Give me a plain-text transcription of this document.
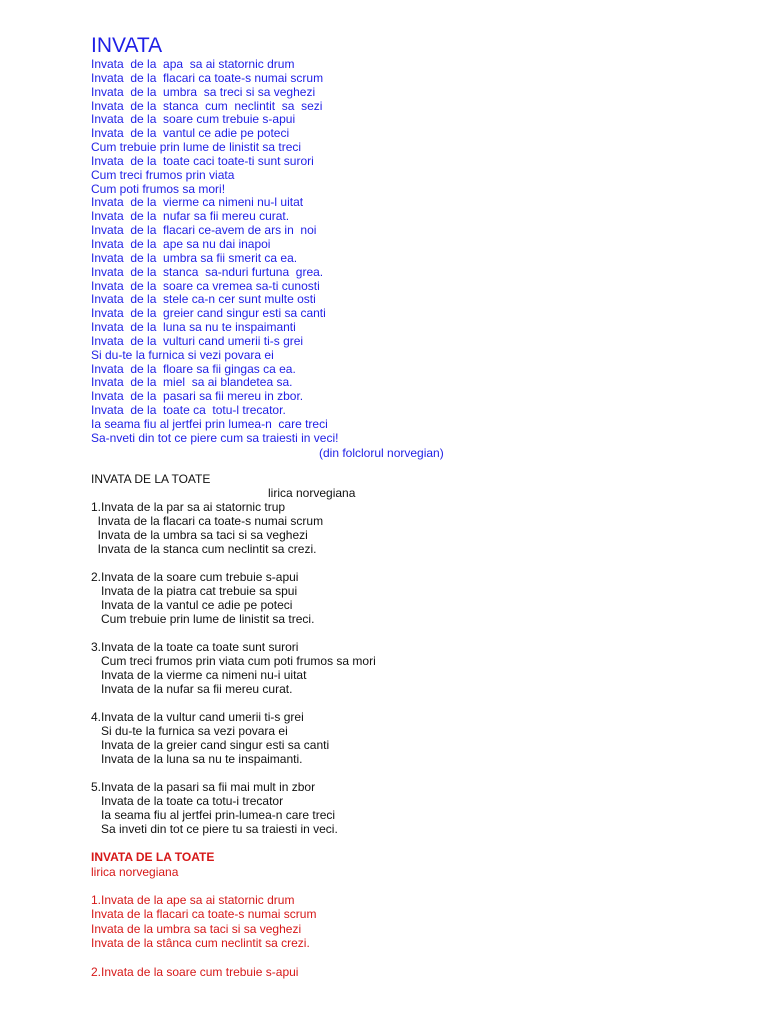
INVATA
Invata  de la  apa  sa ai statornic drum
Invata  de la  flacari ca toate-s numai scrum
Invata  de la  umbra  sa treci si sa veghezi
Invata  de la  stanca  cum  neclintit  sa  sezi
Invata  de la  soare cum trebuie s-apui
Invata  de la  vantul ce adie pe poteci
Cum trebuie prin lume de linistit sa treci
Invata  de la  toate caci toate-ti sunt surori
Cum treci frumos prin viata
Cum poti frumos sa mori!
Invata  de la  vierme ca nimeni nu-l uitat
Invata  de la  nufar sa fii mereu curat.
Invata  de la  flacari ce-avem de ars in  noi
Invata  de la  ape sa nu dai inapoi
Invata  de la  umbra sa fii smerit ca ea.
Invata  de la  stanca  sa-nduri furtuna  grea.
Invata  de la  soare ca vremea sa-ti cunosti
Invata  de la  stele ca-n cer sunt multe osti
Invata  de la  greier cand singur esti sa canti
Invata  de la  luna sa nu te inspaimanti
Invata  de la  vulturi cand umerii ti-s grei
Si du-te la furnica si vezi povara ei
Invata  de la  floare sa fii gingas ca ea.
Invata  de la  miel  sa ai blandetea sa.
Invata  de la  pasari sa fii mereu in zbor.
Invata  de la  toate ca  totu-l trecator.
Ia seama fiu al jertfei prin lumea-n  care treci
Sa-nveti din tot ce piere cum sa traiesti in veci!
(din folclorul norvegian)
INVATA DE LA TOATE
lirica norvegiana
1.Invata de la par sa ai statornic trup
Invata de la flacari ca toate-s numai scrum
Invata de la umbra sa taci si sa veghezi
Invata de la stanca cum neclintit sa crezi.
2.Invata de la soare cum trebuie s-apui
Invata de la piatra cat trebuie sa spui
Invata de la vantul ce adie pe poteci
Cum trebuie prin lume de linistit sa treci.
3.Invata de la toate ca toate sunt surori
Cum treci frumos prin viata cum poti frumos sa mori
Invata de la vierme ca nimeni nu-i uitat
Invata de la nufar sa fii mereu curat.
4.Invata de la vultur cand umerii ti-s grei
Si du-te la furnica sa vezi povara ei
Invata de la greier cand singur esti sa canti
Invata de la luna sa nu te inspaimanti.
5.Invata de la pasari sa fii mai mult in zbor
Invata de la toate ca totu-i trecator
Ia seama fiu al jertfei prin-lumea-n care treci
Sa inveti din tot ce piere tu sa traiesti in veci.
INVATA DE LA TOATE
lirica norvegiana
1.Invata de la ape sa ai statornic drum
Invata de la flacari ca toate-s numai scrum
Invata de la umbra sa taci si sa veghezi
Invata de la stânca cum neclintit sa crezi.
2.Invata de la soare cum trebuie s-apui
